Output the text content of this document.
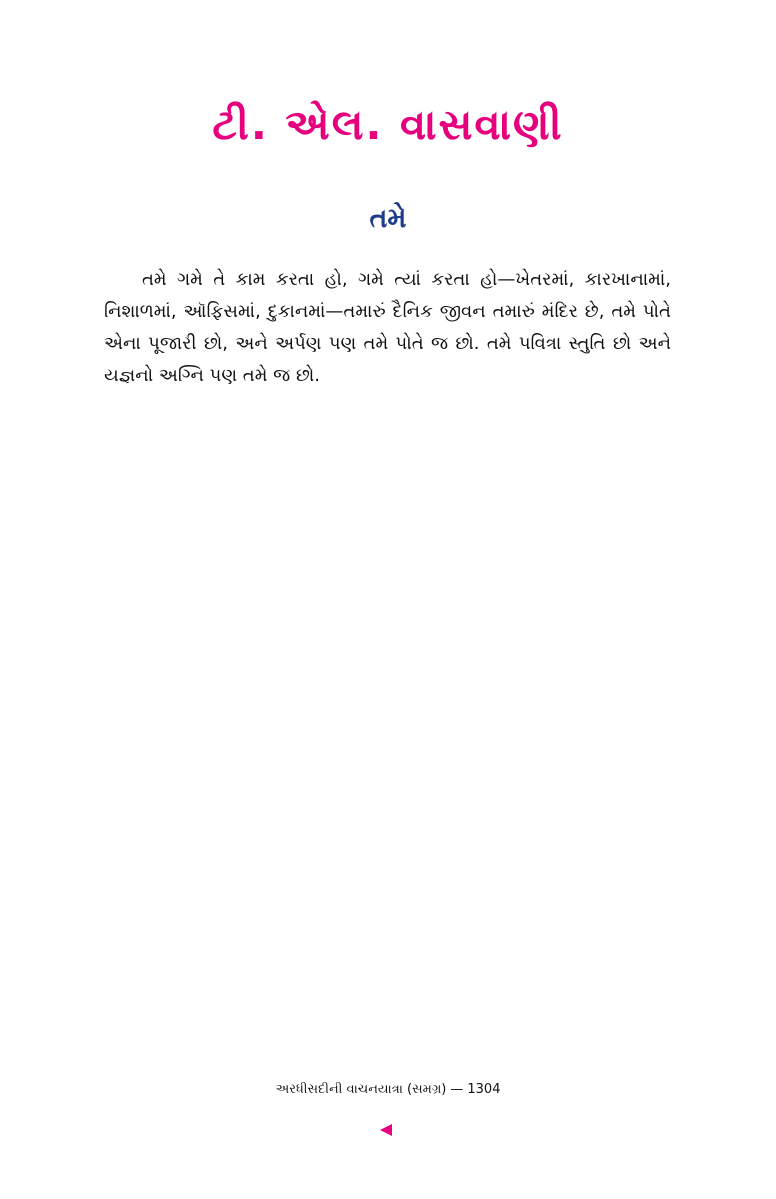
ટી. એલ. વાસવાણી
તમે

તમે ગમે તે કામ કરતા હો, ગમે ત્યાં કરતા હો—ખેતરમાં, કારખાનામાં, નિશાળમાં, ઑફિસમાં, દુકાનમાં—તમારું દૈનિક જીવન તમારું મંદિર છે, તમે પોતે એના પૂજારી છો, અને અર્પણ પણ તમે પોતે જ છો. તમે પવિત્રા સ્તુતિ છો અને યજ્ઞનો અગ્નિ પણ તમે જ છો.

અરધીસદીની વાચનયાત્રા (સમગ્ર) — 1304
